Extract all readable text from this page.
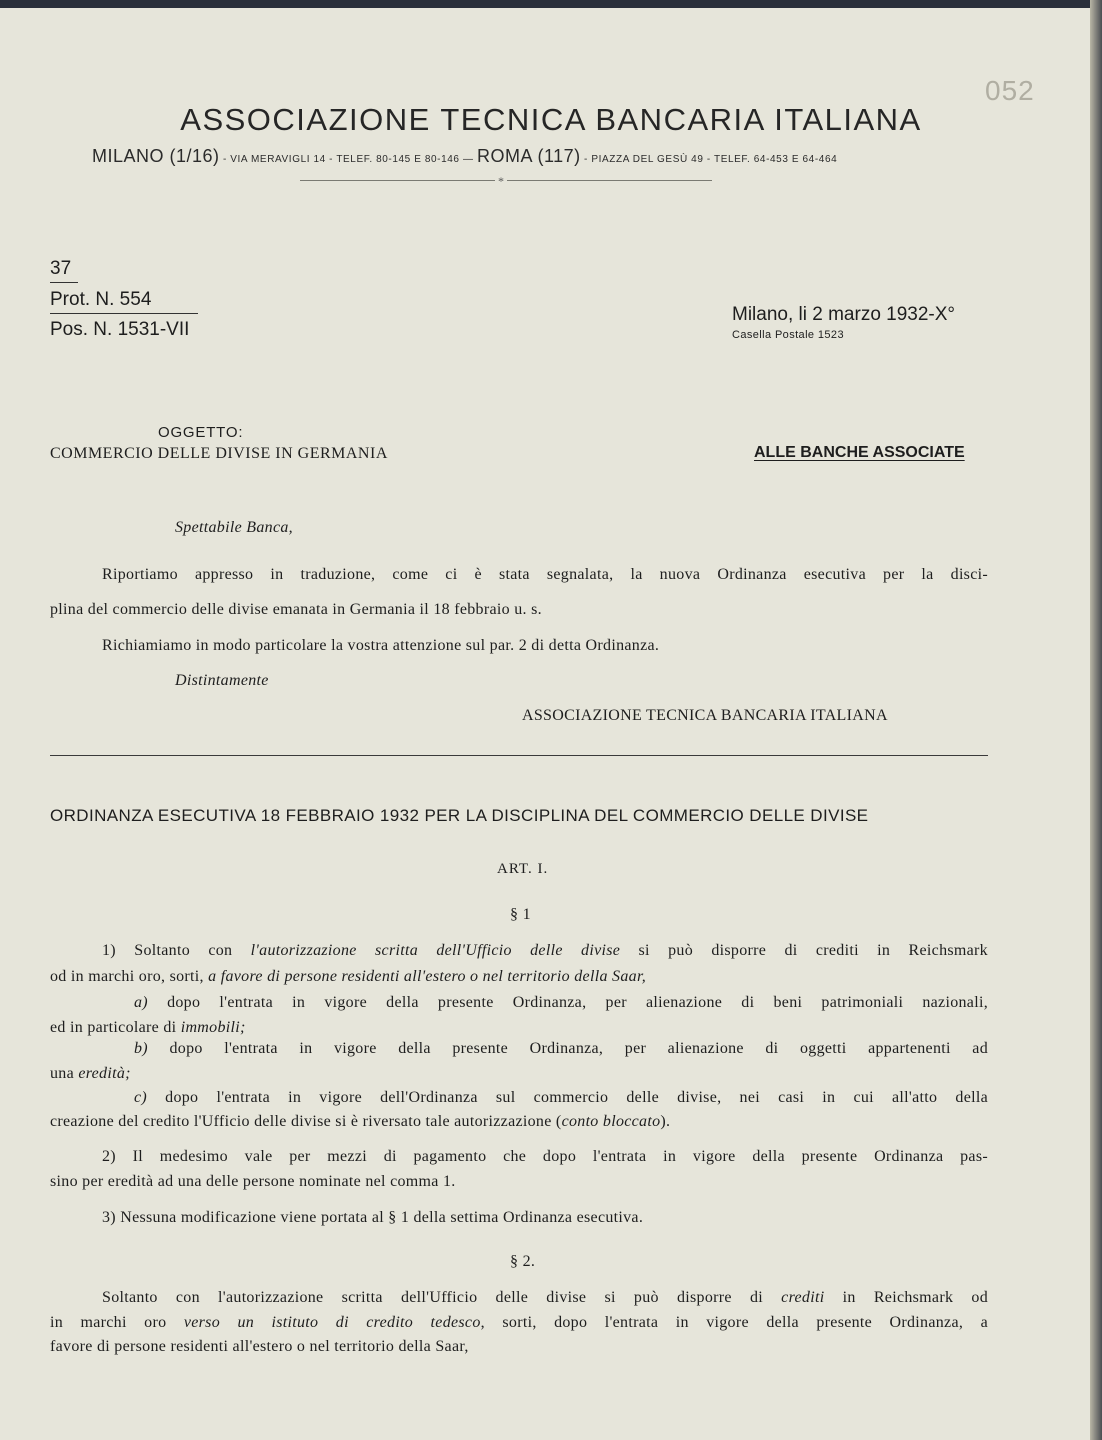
052
ASSOCIAZIONE TECNICA BANCARIA ITALIANA
MILANO (1/16) - VIA MERAVIGLI 14 - TELEF. 80-145 E 80-146 — ROMA (117) - PIAZZA DEL GESÙ 49 - TELEF. 64-453 E 64-464
*
37
Prot. N. 554
Pos. N. 1531-VII
Milano, li 2 marzo 1932-X°
Casella Postale 1523
OGGETTO:
COMMERCIO DELLE DIVISE IN GERMANIA	ALLE BANCHE ASSOCIATE
Spettabile Banca,
Riportiamo appresso in traduzione, come ci è stata segnalata, la nuova Ordinanza esecutiva per la disci-
plina del commercio delle divise emanata in Germania il 18 febbraio u. s.
Richiamiamo in modo particolare la vostra attenzione sul par. 2 di detta Ordinanza.
Distintamente
ASSOCIAZIONE TECNICA BANCARIA ITALIANA
ORDINANZA ESECUTIVA 18 FEBBRAIO 1932 PER LA DISCIPLINA DEL COMMERCIO DELLE DIVISE
ART. I.
§ 1
1) Soltanto con l'autorizzazione scritta dell'Ufficio delle divise si può disporre di crediti in Reichsmark
od in marchi oro, sorti, a favore di persone residenti all'estero o nel territorio della Saar,
a) dopo l'entrata in vigore della presente Ordinanza, per alienazione di beni patrimoniali nazionali,
ed in particolare di immobili;
b) dopo l'entrata in vigore della presente Ordinanza, per alienazione di oggetti appartenenti ad
una eredità;
c) dopo l'entrata in vigore dell'Ordinanza sul commercio delle divise, nei casi in cui all'atto della
creazione del credito l'Ufficio delle divise si è riversato tale autorizzazione (conto bloccato).
2) Il medesimo vale per mezzi di pagamento che dopo l'entrata in vigore della presente Ordinanza pas-
sino per eredità ad una delle persone nominate nel comma 1.
3) Nessuna modificazione viene portata al § 1 della settima Ordinanza esecutiva.
§ 2.
Soltanto con l'autorizzazione scritta dell'Ufficio delle divise si può disporre di crediti in Reichsmark od
in marchi oro verso un istituto di credito tedesco, sorti, dopo l'entrata in vigore della presente Ordinanza, a
favore di persone residenti all'estero o nel territorio della Saar,
